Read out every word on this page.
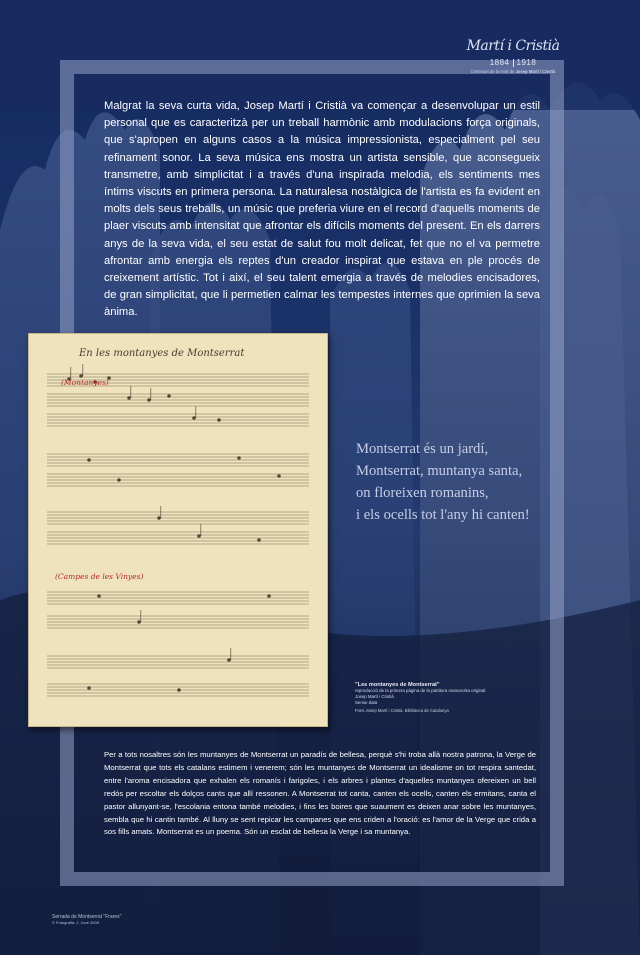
Martí i Cristià
1884 1918
Centenari de la mort de Josep Martí i Cristià
Malgrat la seva curta vida, Josep Martí i Cristià va començar a desenvolupar un estil personal que es caracteritzà per un treball harmònic amb modulacions força originals, que s'apropen en alguns casos a la música impressionista, especialment pel seu refinament sonor. La seva música ens mostra un artista sensible, que aconsegueix transmetre, amb simplicitat i a través d'una inspirada melodia, els sentiments mes íntims viscuts en primera persona. La naturalesa nostàlgica de l'artista es fa evident en molts dels seus treballs, un músic que preferia viure en el record d'aquells moments de plaer viscuts amb intensitat que afrontar els difícils moments del present. En els darrers anys de la seva vida, el seu estat de salut fou molt delicat, fet que no el va permetre afrontar amb energia els reptes d'un creador inspirat que estava en ple procés de creixement artístic. Tot i així, el seu talent emergia a través de melodies encisadores, de gran simplicitat, que li permetien calmar les tempestes internes que oprimien la seva ànima.
En les montanyes de Montserrat
(Montanyes)
(Campes de les Vinyes)
Montserrat és un jardí,
Montserrat, muntanya santa,
on floreixen romanins,
i els ocells tot l'any hi canten!
"Les montanyes de Montserrat"
reproducció de la primera pàgina de la partitura manuscrita original
Josep Martí i Cristià
Sense data
Fons Josep Martí i Cristià. Biblioteca de Catalunya
Per a tots nosaltres són les muntanyes de Montserrat un paradís de bellesa, perquè s'hi troba allà nostra patrona, la Verge de Montserrat que tots els catalans estimem i venerem; són les muntanyes de Montserrat un idealisme on tot respira santedat, entre l'aroma encisadora que exhalen els romanís i farigoles, i els arbres i plantes d'aquelles muntanyes ofereixen un bell redós per escoltar els dolços cants que allí ressonen. A Montserrat tot canta, canten els ocells, canten els ermitans, canta el pastor allunyant-se, l'escolania entona també melodies, i fins les boires que suaument es deixen anar sobre les muntanyes, sembla que hi cantin també. Al lluny se sent repicar les campanes que ens criden a l'oració: es l'amor de la Verge que crida a sos fills amats. Montserrat es un poema. Són un esclat de bellesa la Verge i sa muntanya.
Serrada de Montserrat "Frares"
© Fotografia: J. Juvé 2005
